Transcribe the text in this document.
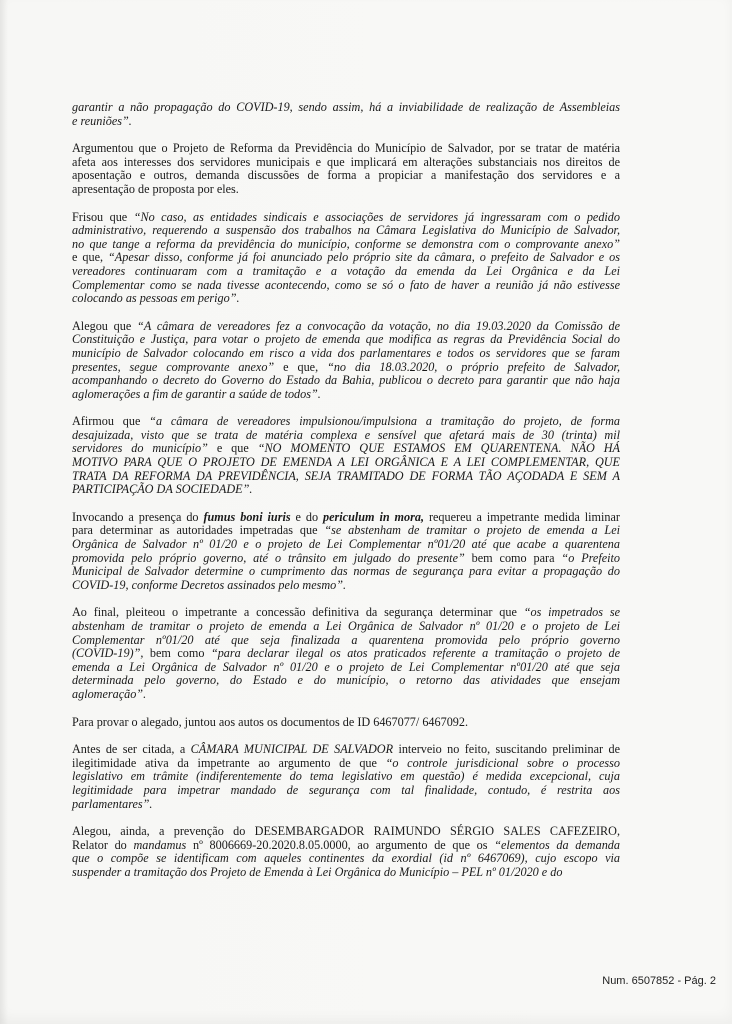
garantir a não propagação do COVID-19, sendo assim, há a inviabilidade de realização de Assembleias
e reuniões”.
Argumentou que o Projeto de Reforma da Previdência do Município de Salvador, por se tratar de matéria
afeta aos interesses dos servidores municipais e que implicará em alterações substanciais nos direitos de
aposentação e outros, demanda discussões de forma a propiciar a manifestação dos servidores e a
apresentação de proposta por eles.
Frisou que “No caso, as entidades sindicais e associações de servidores já ingressaram com o pedido
administrativo, requerendo a suspensão dos trabalhos na Câmara Legislativa do Município de Salvador,
no que tange a reforma da previdência do município, conforme se demonstra com o comprovante anexo”
e que, “Apesar disso, conforme já foi anunciado pelo próprio site da câmara, o prefeito de Salvador e os
vereadores continuaram com a tramitação e a votação da emenda da Lei Orgânica e da Lei
Complementar como se nada tivesse acontecendo, como se só o fato de haver a reunião já não estivesse
colocando as pessoas em perigo”.
Alegou que “A câmara de vereadores fez a convocação da votação, no dia 19.03.2020 da Comissão de
Constituição e Justiça, para votar o projeto de emenda que modifica as regras da Previdência Social do
município de Salvador colocando em risco a vida dos parlamentares e todos os servidores que se faram
presentes, segue comprovante anexo” e que, “no dia 18.03.2020, o próprio prefeito de Salvador,
acompanhando o decreto do Governo do Estado da Bahia, publicou o decreto para garantir que não haja
aglomerações a fim de garantir a saúde de todos”.
Afirmou que “a câmara de vereadores impulsionou/impulsiona a tramitação do projeto, de forma
desajuizada, visto que se trata de matéria complexa e sensível que afetará mais de 30 (trinta) mil
servidores do município” e que “NO MOMENTO QUE ESTAMOS EM QUARENTENA. NÃO HÁ
MOTIVO PARA QUE O PROJETO DE EMENDA A LEI ORGÂNICA E A LEI COMPLEMENTAR, QUE
TRATA DA REFORMA DA PREVIDÊNCIA, SEJA TRAMITADO DE FORMA TÃO AÇODADA E SEM A
PARTICIPAÇÃO DA SOCIEDADE”.
Invocando a presença do fumus boni iuris e do periculum in mora, requereu a impetrante medida liminar
para determinar as autoridades impetradas que “se abstenham de tramitar o projeto de emenda a Lei
Orgânica de Salvador nº 01/20 e o projeto de Lei Complementar nº01/20 até que acabe a quarentena
promovida pelo próprio governo, até o trânsito em julgado do presente” bem como para “o Prefeito
Municipal de Salvador determine o cumprimento das normas de segurança para evitar a propagação do
COVID-19, conforme Decretos assinados pelo mesmo”.
Ao final, pleiteou o impetrante a concessão definitiva da segurança determinar que “os impetrados se
abstenham de tramitar o projeto de emenda a Lei Orgânica de Salvador nº 01/20 e o projeto de Lei
Complementar nº01/20 até que seja finalizada a quarentena promovida pelo próprio governo
(COVID-19)”, bem como “para declarar ilegal os atos praticados referente a tramitação o projeto de
emenda a Lei Orgânica de Salvador nº 01/20 e o projeto de Lei Complementar nº01/20 até que seja
determinada pelo governo, do Estado e do município, o retorno das atividades que ensejam
aglomeração”.
Para provar o alegado, juntou aos autos os documentos de ID 6467077/ 6467092.
Antes de ser citada, a CÂMARA MUNICIPAL DE SALVADOR interveio no feito, suscitando preliminar de
ilegitimidade ativa da impetrante ao argumento de que “o controle jurisdicional sobre o processo
legislativo em trâmite (indiferentemente do tema legislativo em questão) é medida excepcional, cuja
legitimidade para impetrar mandado de segurança com tal finalidade, contudo, é restrita aos
parlamentares”.
Alegou, ainda, a prevenção do DESEMBARGADOR RAIMUNDO SÉRGIO SALES CAFEZEIRO,
Relator do mandamus nº 8006669-20.2020.8.05.0000, ao argumento de que os “elementos da demanda
que o compõe se identificam com aqueles continentes da exordial (id nº 6467069), cujo escopo via
suspender a tramitação dos Projeto de Emenda à Lei Orgânica do Município – PEL nº 01/2020 e do
Num. 6507852 - Pág. 2
